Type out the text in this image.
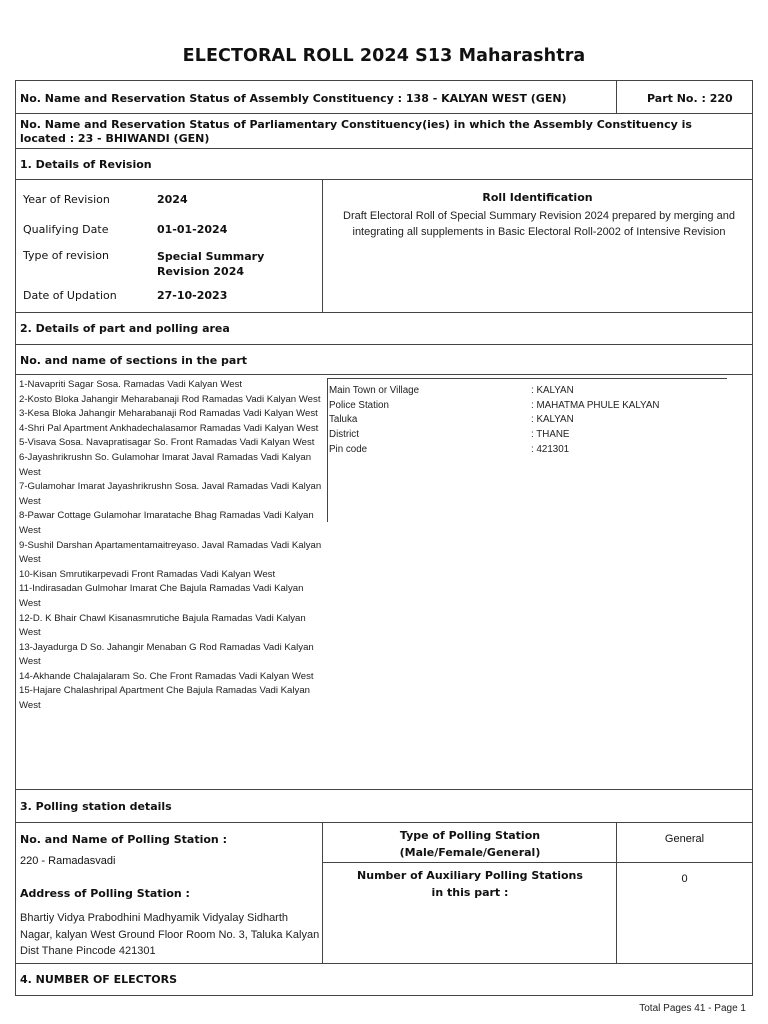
ELECTORAL ROLL 2024 S13 Maharashtra
No. Name and Reservation Status of Assembly Constituency : 138 - KALYAN WEST (GEN)	Part No. : 220
No. Name and Reservation Status of Parliamentary Constituency(ies) in which the Assembly Constituency is located : 23 - BHIWANDI (GEN)
1. Details of Revision
Year of Revision	2024
Qualifying Date	01-01-2024
Type of revision	Special Summary Revision 2024
Date of Updation	27-10-2023
Roll Identification
Draft Electoral Roll of Special Summary Revision 2024 prepared by merging and integrating all supplements in Basic Electoral Roll-2002 of Intensive Revision
2. Details of part and polling area
No. and name of sections in the part
1-Navapriti Sagar Sosa. Ramadas Vadi Kalyan West
2-Kosto Bloka Jahangir Meharabanaji Rod Ramadas Vadi Kalyan West
3-Kesa Bloka Jahangir Meharabanaji Rod Ramadas Vadi Kalyan West
4-Shri Pal Apartment Ankhadechalasamor Ramadas Vadi Kalyan West
5-Visava Sosa. Navapratisagar So. Front Ramadas Vadi Kalyan West
6-Jayashrikrushn So. Gulamohar Imarat Javal Ramadas Vadi Kalyan West
7-Gulamohar Imarat Jayashrikrushn Sosa. Javal Ramadas Vadi Kalyan West
8-Pawar Cottage Gulamohar Imaratache Bhag Ramadas Vadi Kalyan West
9-Sushil Darshan Apartamentamaitreyaso. Javal Ramadas Vadi Kalyan West
10-Kisan Smrutikarpevadi Front Ramadas Vadi Kalyan West
11-Indirasadan Gulmohar Imarat Che Bajula Ramadas Vadi Kalyan West
12-D. K Bhair Chawl Kisanasmrutiche Bajula Ramadas Vadi Kalyan West
13-Jayadurga D So. Jahangir Menaban G Rod Ramadas Vadi Kalyan West
14-Akhande Chalajalaram So. Che Front Ramadas Vadi Kalyan West
15-Hajare Chalashripal Apartment Che Bajula Ramadas Vadi Kalyan West
Main Town or Village	: KALYAN
Police Station	: MAHATMA PHULE KALYAN
Taluka	: KALYAN
District	: THANE
Pin code	: 421301
3. Polling station details
No. and Name of Polling Station :
220 - Ramadasvadi
Address of Polling Station :
Bhartiy Vidya Prabodhini Madhyamik Vidyalay Sidharth Nagar, kalyan West Ground Floor Room No. 3, Taluka Kalyan Dist Thane Pincode 421301
Type of Polling Station (Male/Female/General)
General
Number of Auxiliary Polling Stations in this part :
0
4. NUMBER OF ELECTORS
Total Pages 41 - Page 1
